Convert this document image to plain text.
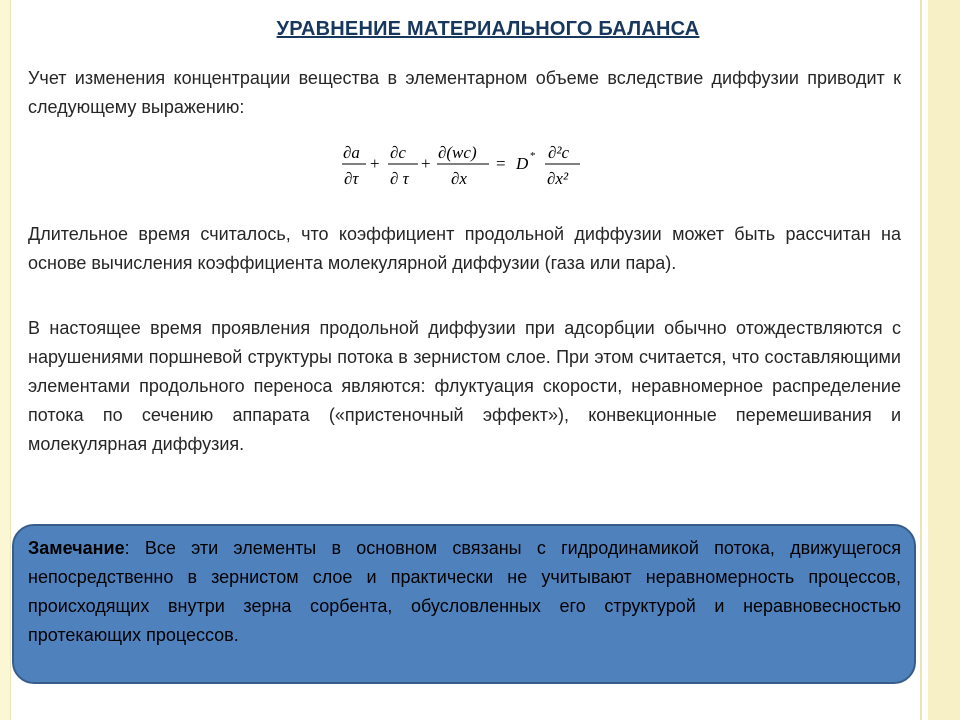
УРАВНЕНИЕ МАТЕРИАЛЬНОГО БАЛАНСА
Учет изменения концентрации вещества в элементарном объеме вследствие диффузии приводит к следующему выражению:
∂a
∂τ
+
∂c
∂ τ
+
∂(wc)
∂x
= D * ∂²c
∂x²
Длительное время считалось, что коэффициент продольной диффузии может быть рассчитан на основе вычисления коэффициента молекулярной диффузии (газа или пара).
В настоящее время проявления продольной диффузии при адсорбции обычно отождествляются с нарушениями поршневой структуры потока в зернистом слое. При этом считается, что составляющими элементами продольного переноса являются: флуктуация скорости, неравномерное распределение потока по сечению аппарата («пристеночный эффект»), конвекционные перемешивания и молекулярная диффузия.
Замечание: Все эти элементы в основном связаны с гидродинамикой потока, движущегося непосредственно в зернистом слое и практически не учитывают неравномерность процессов, происходящих внутри зерна сорбента, обусловленных его структурой и неравновесностью протекающих процессов.
